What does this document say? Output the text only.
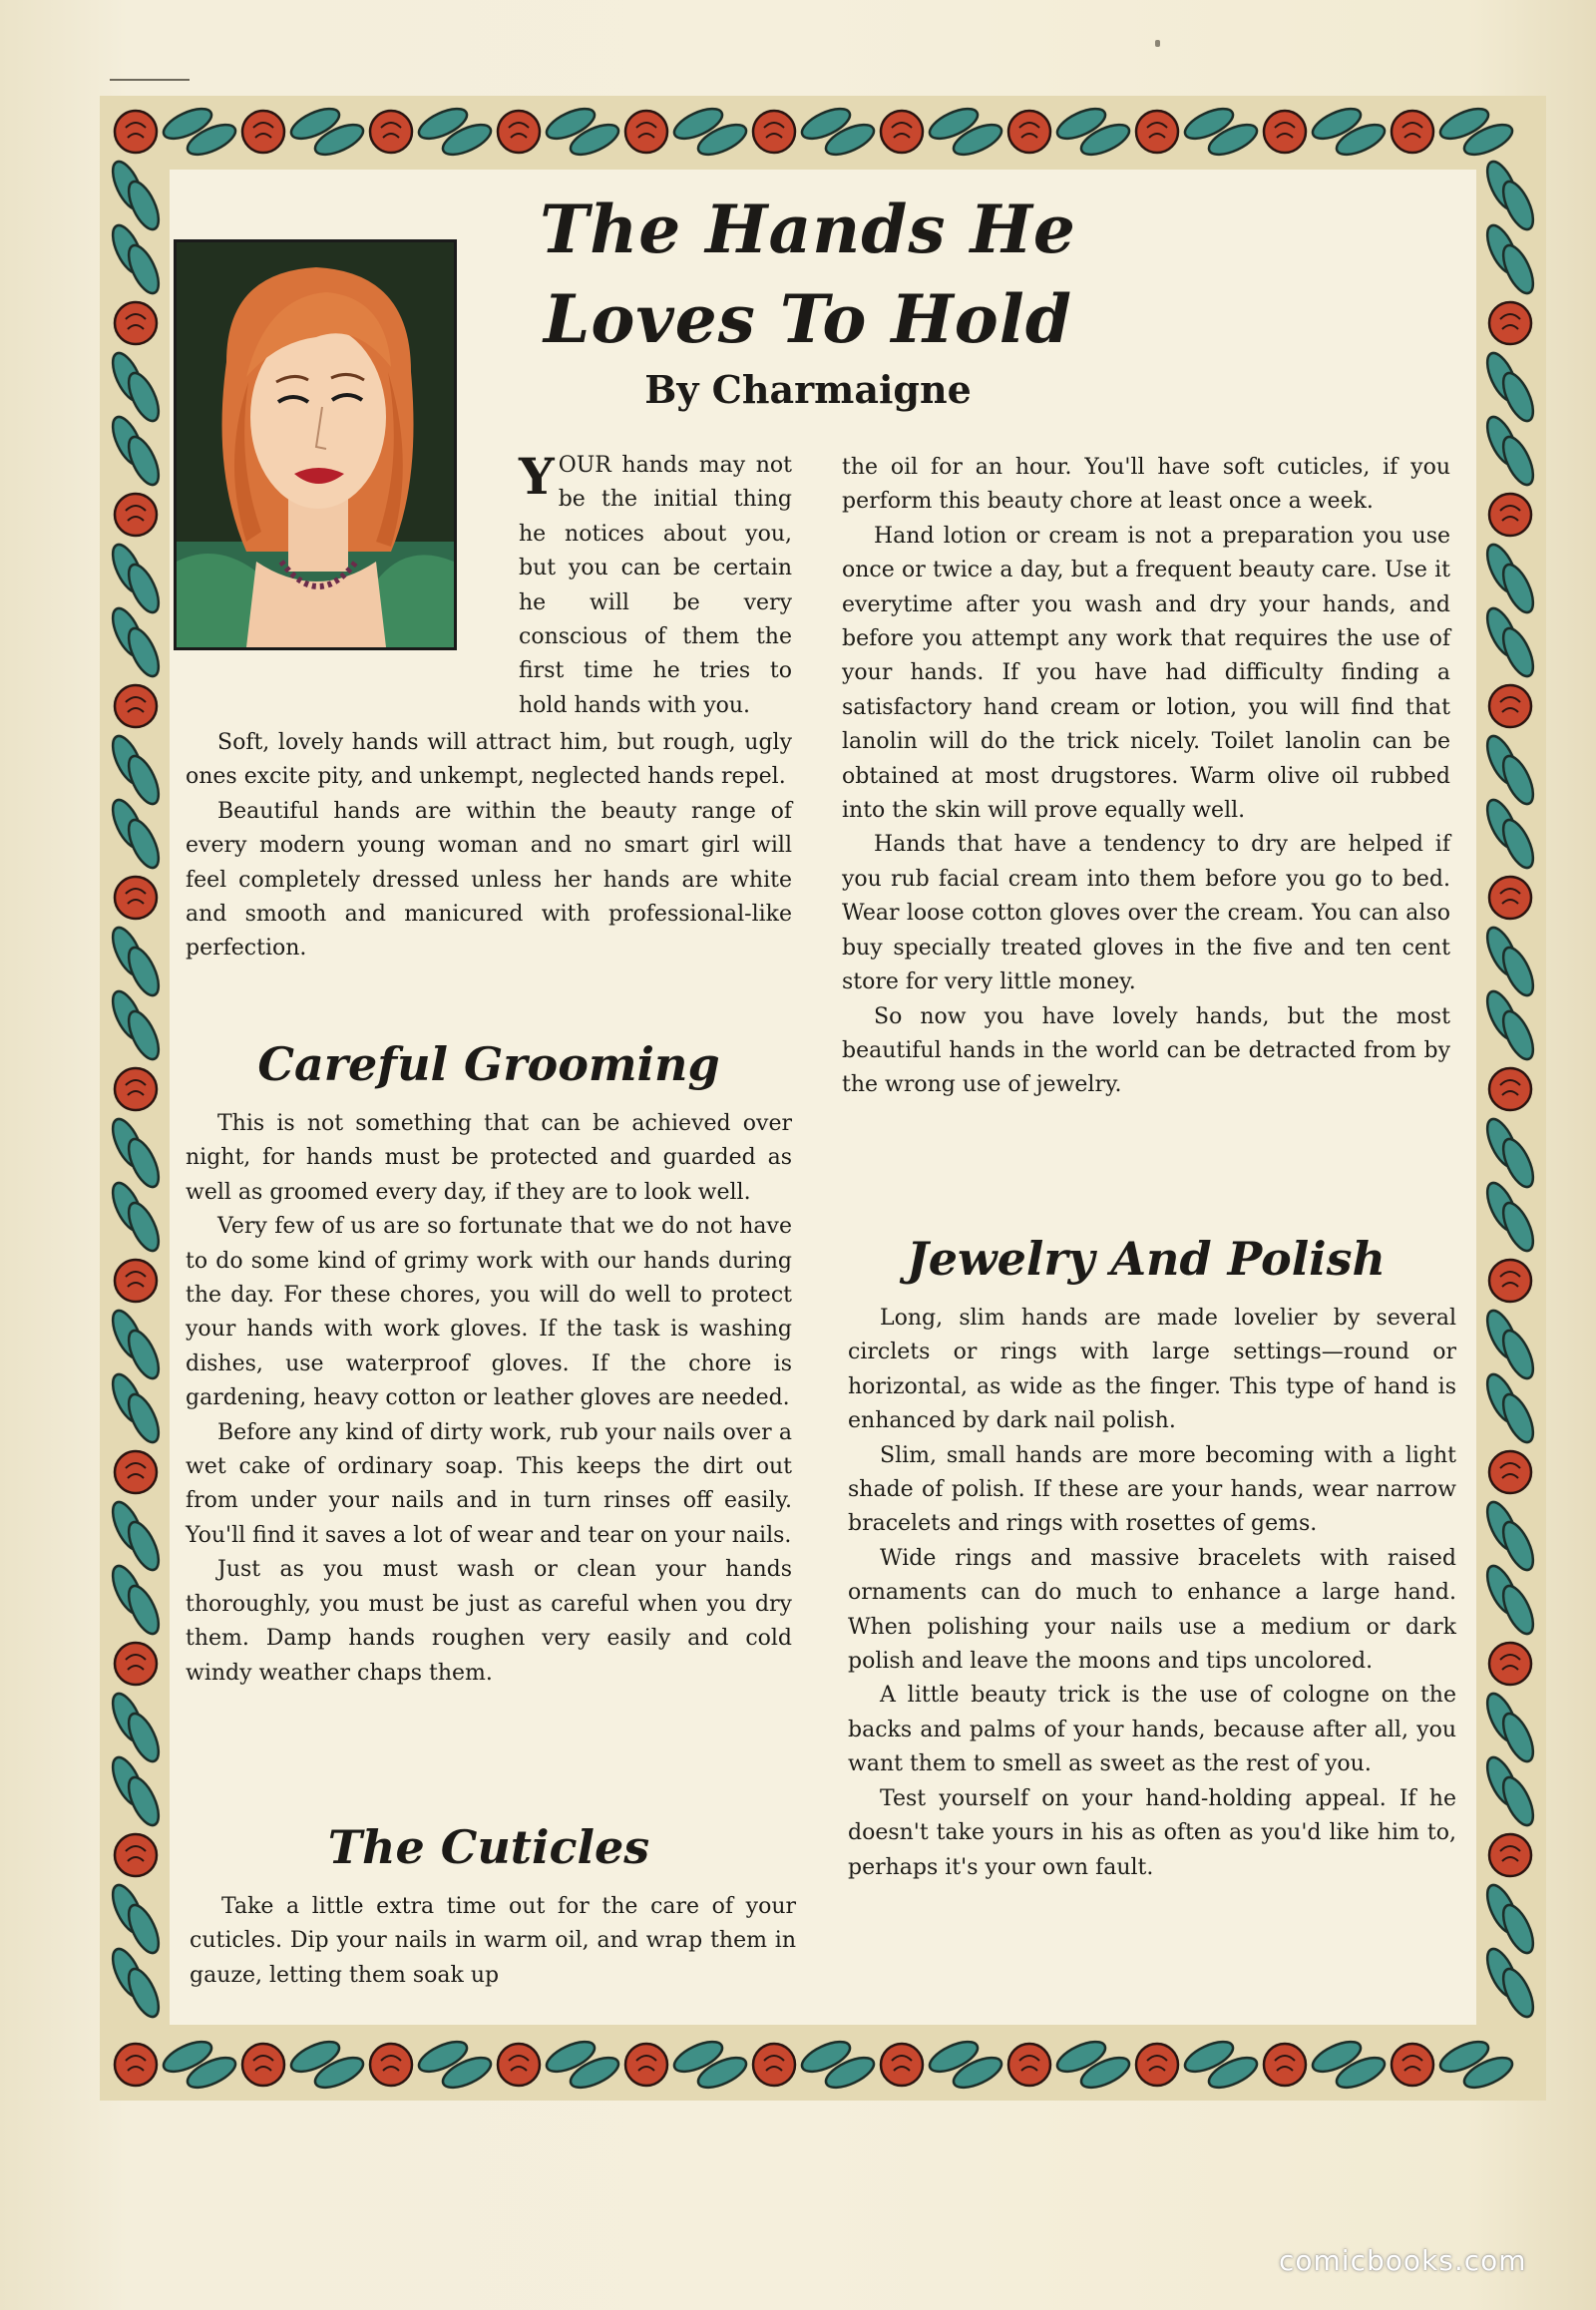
The Hands He
Loves To Hold
By Charmaigne

YOUR hands may not be the initial thing he notices about you, but you can be certain he will be very conscious of them the first time he tries to hold hands with you.

Soft, lovely hands will attract him, but rough, ugly ones excite pity, and unkempt, neglected hands repel.

Beautiful hands are within the beauty range of every modern young woman and no smart girl will feel completely dressed unless her hands are white and smooth and manicured with professional-like perfection.

Careful Grooming

This is not something that can be achieved over night, for hands must be protected and guarded as well as groomed every day, if they are to look well.

Very few of us are so fortunate that we do not have to do some kind of grimy work with our hands during the day. For these chores, you will do well to protect your hands with work gloves. If the task is washing dishes, use waterproof gloves. If the chore is gardening, heavy cotton or leather gloves are needed.

Before any kind of dirty work, rub your nails over a wet cake of ordinary soap. This keeps the dirt out from under your nails and in turn rinses off easily. You'll find it saves a lot of wear and tear on your nails.

Just as you must wash or clean your hands thoroughly, you must be just as careful when you dry them. Damp hands roughen very easily and cold windy weather chaps them.

The Cuticles

Take a little extra time out for the care of your cuticles. Dip your nails in warm oil, and wrap them in gauze, letting them soak up

the oil for an hour. You'll have soft cuticles, if you perform this beauty chore at least once a week.

Hand lotion or cream is not a preparation you use once or twice a day, but a frequent beauty care. Use it everytime after you wash and dry your hands, and before you attempt any work that requires the use of your hands. If you have had difficulty finding a satisfactory hand cream or lotion, you will find that lanolin will do the trick nicely. Toilet lanolin can be obtained at most drugstores. Warm olive oil rubbed into the skin will prove equally well.

Hands that have a tendency to dry are helped if you rub facial cream into them before you go to bed. Wear loose cotton gloves over the cream. You can also buy specially treated gloves in the five and ten cent store for very little money.

So now you have lovely hands, but the most beautiful hands in the world can be detracted from by the wrong use of jewelry.

Jewelry And Polish

Long, slim hands are made lovelier by several circlets or rings with large settings—round or horizontal, as wide as the finger. This type of hand is enhanced by dark nail polish.

Slim, small hands are more becoming with a light shade of polish. If these are your hands, wear narrow bracelets and rings with rosettes of gems.

Wide rings and massive bracelets with raised ornaments can do much to enhance a large hand. When polishing your nails use a medium or dark polish and leave the moons and tips uncolored.

A little beauty trick is the use of cologne on the backs and palms of your hands, because after all, you want them to smell as sweet as the rest of you.

Test yourself on your hand-holding appeal. If he doesn't take yours in his as often as you'd like him to, perhaps it's your own fault.

comicbooks.com
